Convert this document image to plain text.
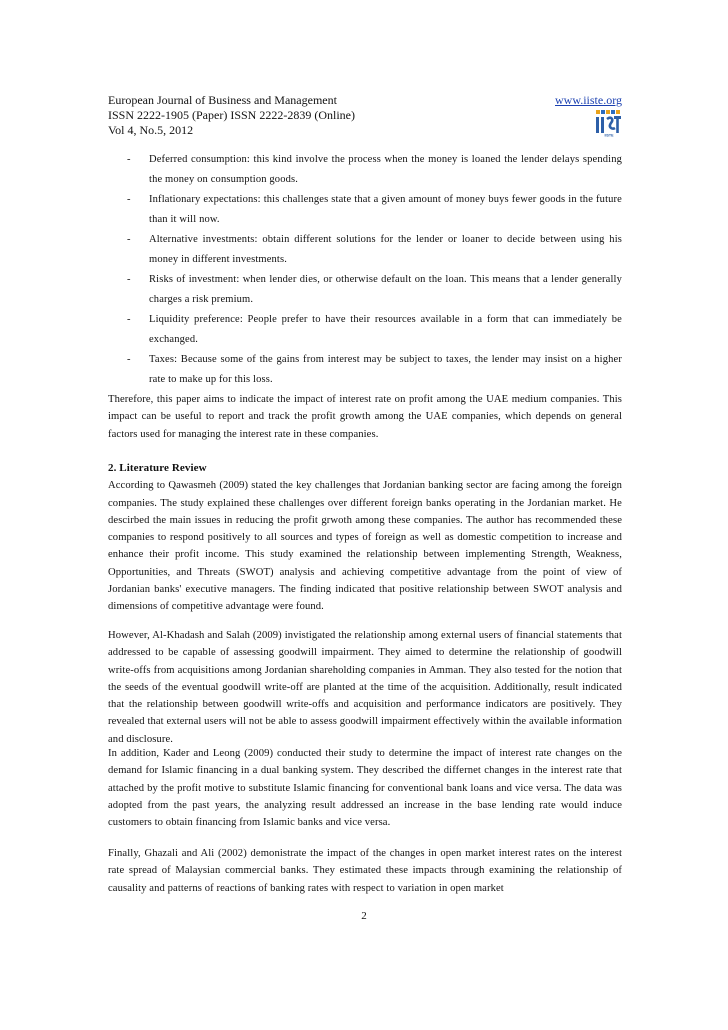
European Journal of Business and Management
ISSN 2222-1905 (Paper) ISSN 2222-2839 (Online)
Vol 4, No.5, 2012
www.iiste.org
IISTE
- Deferred consumption: this kind involve the process when the money is loaned the lender delays spending the money on consumption goods.
- Inflationary expectations: this challenges state that a given amount of money buys fewer goods in the future than it will now.
- Alternative investments: obtain different solutions for the lender or loaner to decide between using his money in different investments.
- Risks of investment: when lender dies, or otherwise default on the loan. This means that a lender generally charges a risk premium.
- Liquidity preference: People prefer to have their resources available in a form that can immediately be exchanged.
- Taxes: Because some of the gains from interest may be subject to taxes, the lender may insist on a higher rate to make up for this loss.

Therefore, this paper aims to indicate the impact of interest rate on profit among the UAE medium companies. This impact can be useful to report and track the profit growth among the UAE companies, which depends on general factors used for managing the interest rate in these companies.

2. Literature Review

According to Qawasmeh (2009) stated the key challenges that Jordanian banking sector are facing among the foreign companies. The study explained these challenges over different foreign banks operating in the Jordanian market. He descirbed the main issues in reducing the profit grwoth among these companies. The author has recommended these companies to respond positively to all sources and types of foreign as well as domestic competition to increase and enhance their profit income. This study examined the relationship between implementing Strength, Weakness, Opportunities, and Threats (SWOT) analysis and achieving competitive advantage from the point of view of Jordanian banks' executive managers. The finding indicated that positive relationship between SWOT analysis and dimensions of competitive advantage were found.

However, Al-Khadash and Salah (2009) invistigated the relationship among external users of financial statements that addressed to be capable of assessing goodwill impairment. They aimed to determine the relationship of goodwill write-offs from acquisitions among Jordanian shareholding companies in Amman. They also tested for the notion that the seeds of the eventual goodwill write-off are planted at the time of the acquisition. Additionally, result indicated that the relationship between goodwill write-offs and acquisition and performance indicators are positively. They revealed that external users will not be able to assess goodwill impairment effectively within the available information and disclosure.

In addition, Kader and Leong (2009) conducted their study to determine the impact of interest rate changes on the demand for Islamic financing in a dual banking system. They described the differnet changes in the interest rate that attached by the profit motive to substitute Islamic financing for conventional bank loans and vice versa. The data was adopted from the past years, the analyzing result addressed an increase in the base lending rate would induce customers to obtain financing from Islamic banks and vice versa.

Finally, Ghazali and Ali (2002) demonistrate the impact of the changes in open market interest rates on the interest rate spread of Malaysian commercial banks. They estimated these impacts through examining the relationship of causality and patterns of reactions of banking rates with respect to variation in open market

2
